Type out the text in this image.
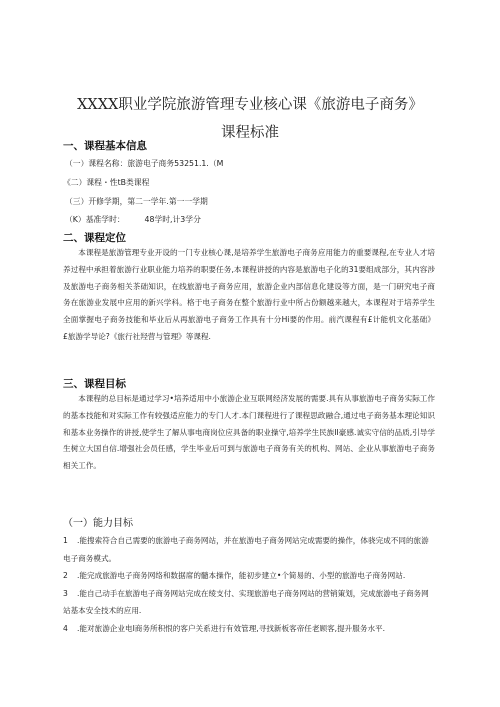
XXXX职业学院旅游管理专业核心课《旅游电子商务》
课程标准
一、课程基本信息
（一）课程名称：旅游电子商务53251.1.（M
《二）课程・性tB类课程
（三）开修学期，第二一学年.第一一学期
（K）基准学时：        48学时,计3学分
二、课程定位

本课程是旅游管理专业开设的一门专业核心课,是培养学生旅游电子商务应用能力的重要课程,在专业人才培养过程中承担着旅游行业职业能力培养的职要任务,本课程讲授的内容是旅游电子化的31要组成部分，其内容涉及旅游电子商务相关茶础知识，在线旅游电子商务应用，旅游企业内部信息化建设等方面，是一门研究电子商务在旅游业发展中应用的新兴学科。格于电子商务在整个旅游行业中所占份额越来越大，本课程对于培养学生全面掌握电子商务技能和毕业后从再旅游电子商务工作具有十分Hi要的作用。前汽课程有£计能机文化基础》£旅游学导论?《旅行社羟营与管理》等课程.

三、课程目标

本课程的总目标是通过学习•培养适用中小旅游企业互联网经济发展的需要.具有从事旅游电子商务实际工作的基本技能和对实际工作有较强适应能力的专门人才.本门课程进行了课程思政融合,通过电子商务基本理论知识和基本业务操作的讲授,使学生了解从事电商岗位应具备的职业操守,培养学生民族II豪感.诚实守信的品质,引导学生树立大国自信.增强社会员任感，学生毕业后可到与旅游电子商务有关的机构、网站、企业从事旅游电子商务相关工作。

（一）能力目标

1 .能搜索符合自己需要的旅游电子商务网站，并在旅游电子商务网站完成需要的操作，体骁完成不同的旅游电子商务模式。

2 .能完成旅游电子商务网络和数据席的髓本操作，能初步建立•个简易的、小型的旅游电子商务网站.

3 .能自己动手在旅游电子商务网站完成在绫支付、实现旅游电子商务网站的营销策划，完成旅游电子商务网站基本安全技术的应用.

4 .能对旅游企业电I商务所积恨的客户关系进行有效管理,寻找新板客帝任老顾客,提升服务水平.
